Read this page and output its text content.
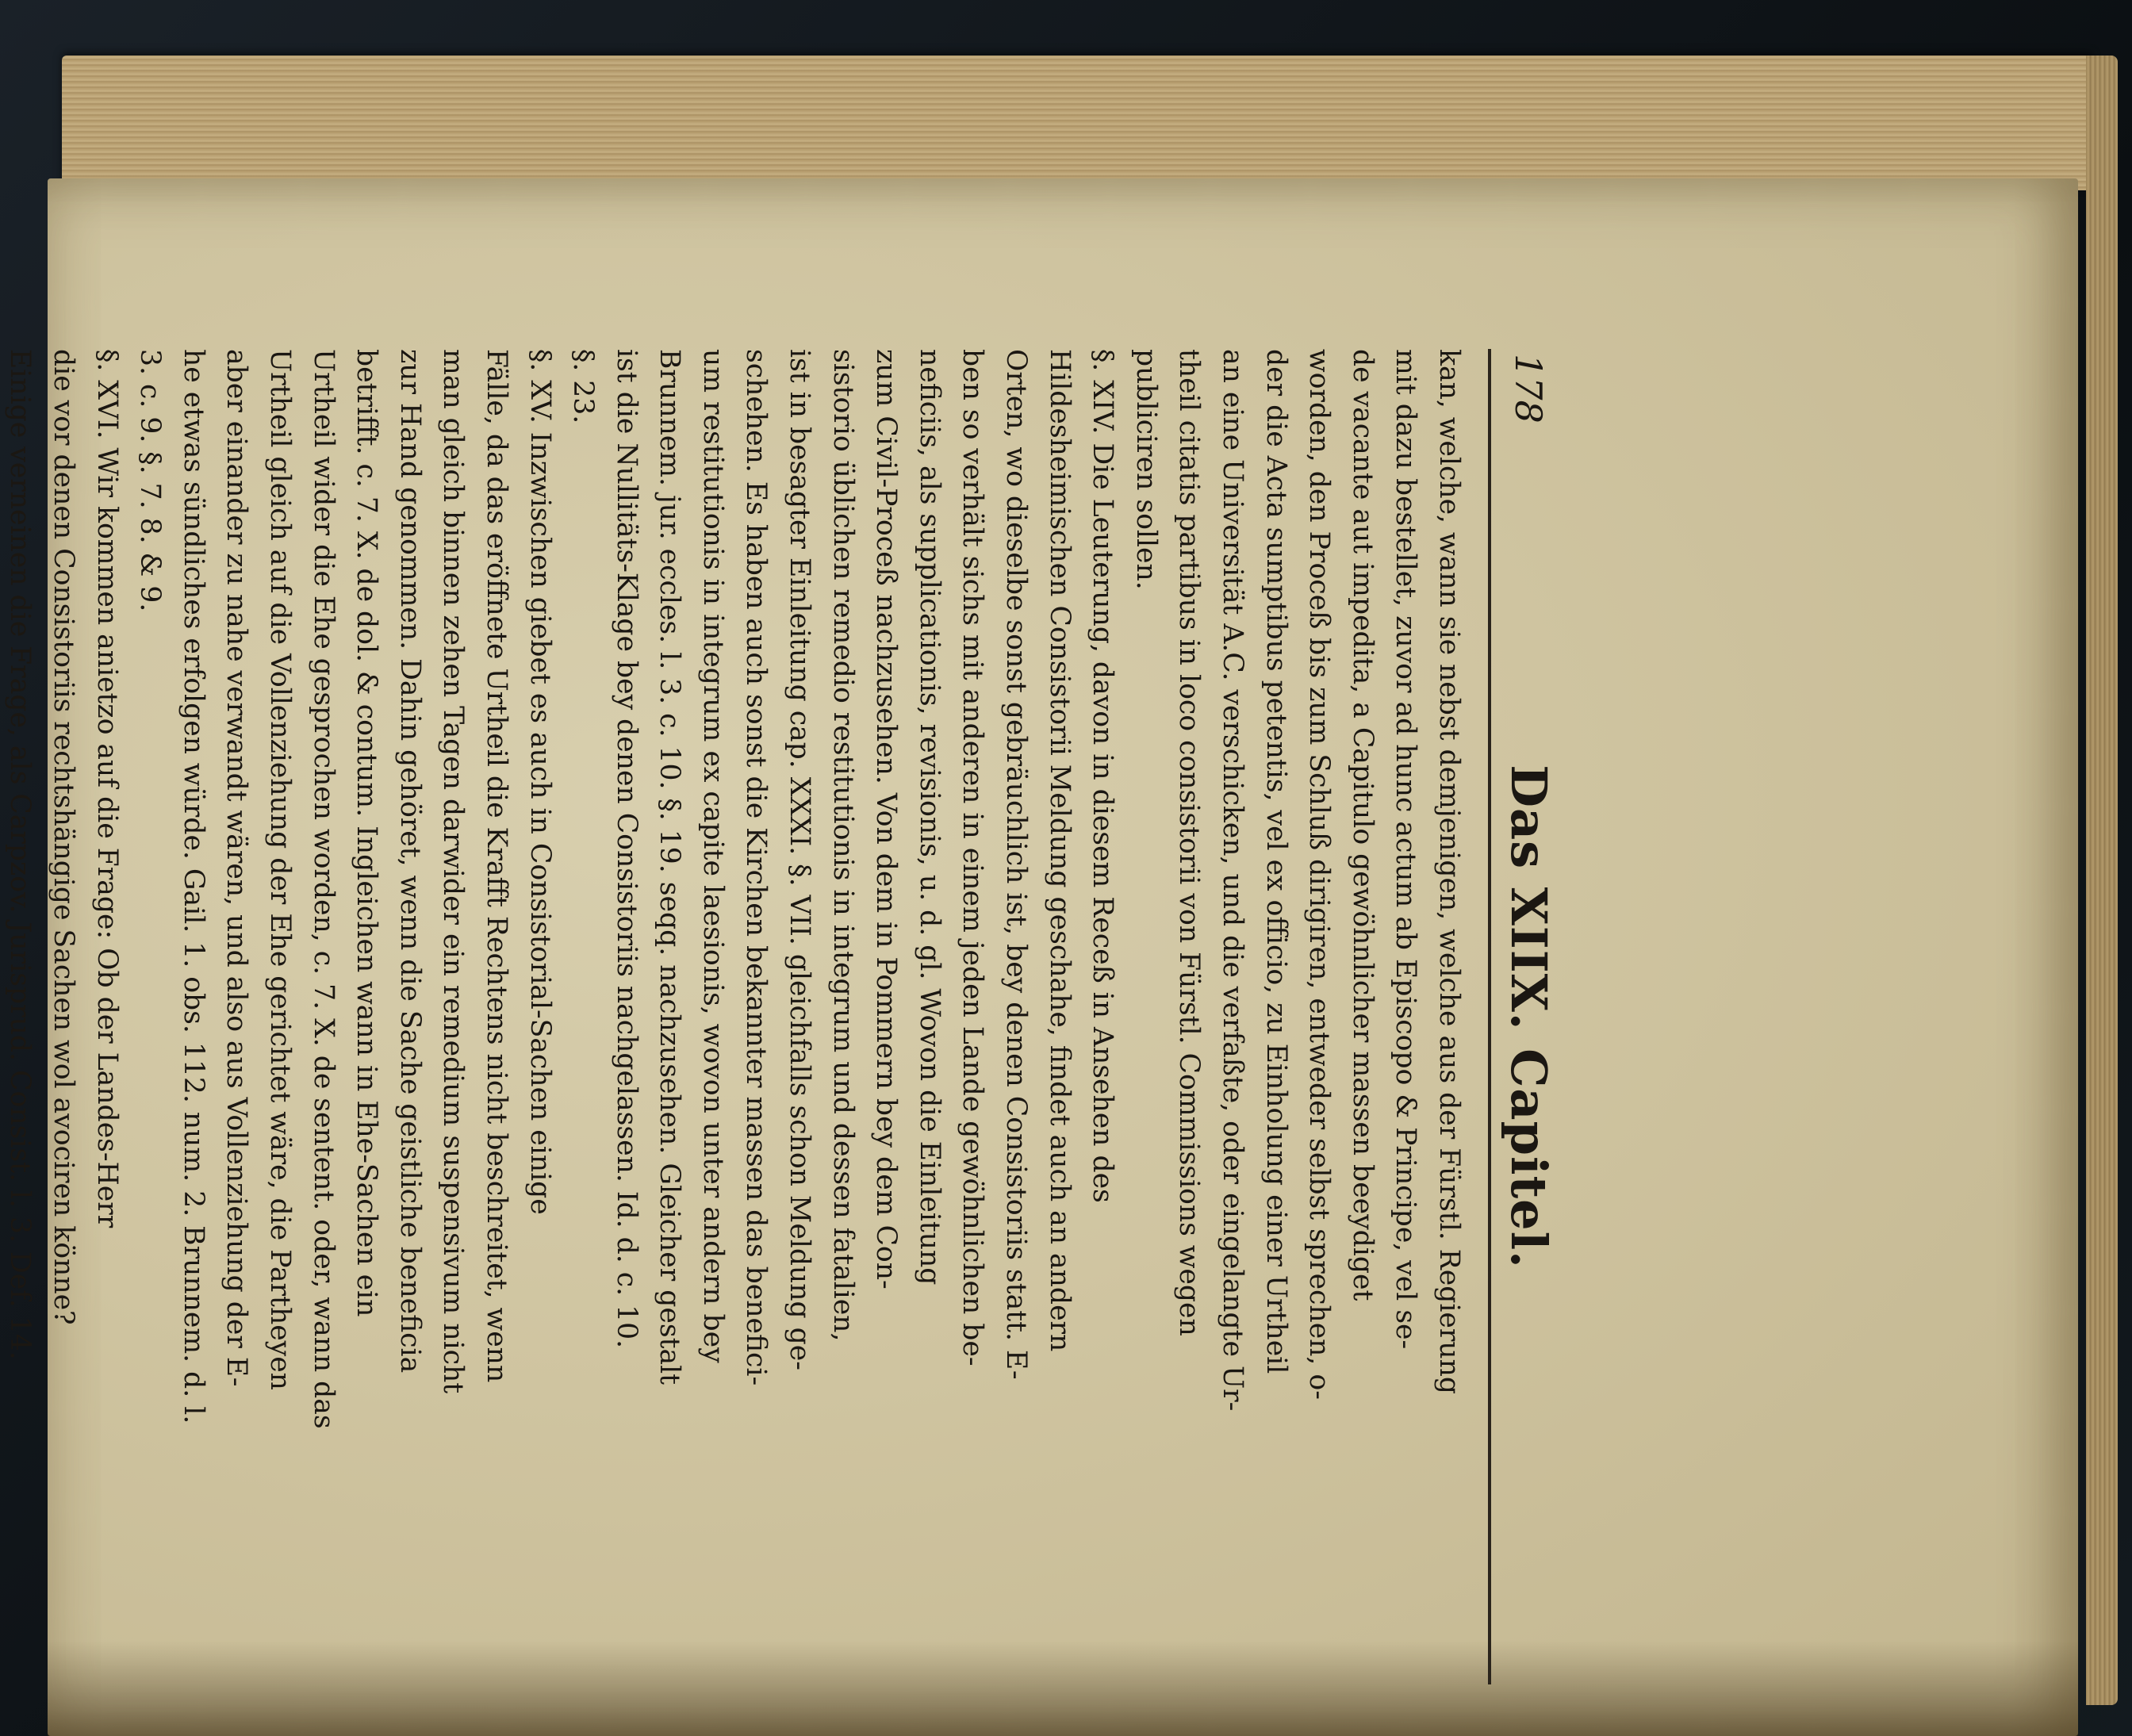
178
Das XIIX. Capitel.

kan, welche, wann sie nebst demjenigen, welche aus der Fürstl. Regierung
mit dazu bestellet, zuvor ad hunc actum ab Episcopo & Principe, vel se-
de vacante aut impedita, a Capitulo gewöhnlicher massen beeydiget
worden, den Proceß bis zum Schluß dirigiren, entweder selbst sprechen, o-
der die Acta sumptibus petentis, vel ex officio, zu Einholung einer Urtheil
an eine Universität A.C. verschicken, und die verfaßte, oder eingelangte Ur-
theil citatis partibus in loco consistorii von Fürstl. Commissions wegen
publiciren sollen.

§. XIV. Die Leuterung, davon in diesem Receß in Ansehen des
Hildesheimischen Consistorii Meldung geschahe, findet auch an andern
Orten, wo dieselbe sonst gebräuchlich ist, bey denen Consistoriis statt. E-
ben so verhält sichs mit anderen in einem jeden Lande gewöhnlichen be-
neficiis, als supplicationis, revisionis, u. d. gl. Wovon die Einleitung
zum Civil-Proceß nachzusehen. Von dem in Pommern bey dem Con-
sistorio üblichen remedio restitutionis in integrum und dessen fatalien,
ist in besagter Einleitung cap. XXXI. §. VII. gleichfalls schon Meldung ge-
schehen. Es haben auch sonst die Kirchen bekannter massen das benefici-
um restitutionis in integrum ex capite laesionis, wovon unter andern bey
Brunnem. jur. eccles. l. 3. c. 10. §. 19. seqq. nachzusehen. Gleicher gestalt
ist die Nullitäts-Klage bey denen Consistoriis nachgelassen. Id. d. c. 10.
§. 23.

§. XV. Inzwischen giebet es auch in Consistorial-Sachen einige
Fälle, da das eröffnete Urtheil die Krafft Rechtens nicht beschreitet, wenn
man gleich binnen zehen Tagen darwider ein remedium suspensivum nicht
zur Hand genommen. Dahin gehöret, wenn die Sache geistliche beneficia
betrifft. c. 7. X. de dol. & contum. Ingleichen wann in Ehe-Sachen ein
Urtheil wider die Ehe gesprochen worden, c. 7. X. de sentent. oder, wann das
Urtheil gleich auf die Vollenziehung der Ehe gerichtet wäre, die Partheyen
aber einander zu nahe verwandt wären, und also aus Vollenziehung der E-
he etwas sündliches erfolgen würde. Gail. 1. obs. 112. num. 2. Brunnem. d. l.
3. c. 9. §. 7. 8. & 9.

§. XVI. Wir kommen anietzo auf die Frage: Ob der Landes-Herr
die vor denen Consistoriis rechtshängige Sachen wol avociren könne?
Einige verneinen die Frage, als Carpzov. Jurisprud. Consist. l. 3. Def. 14.
